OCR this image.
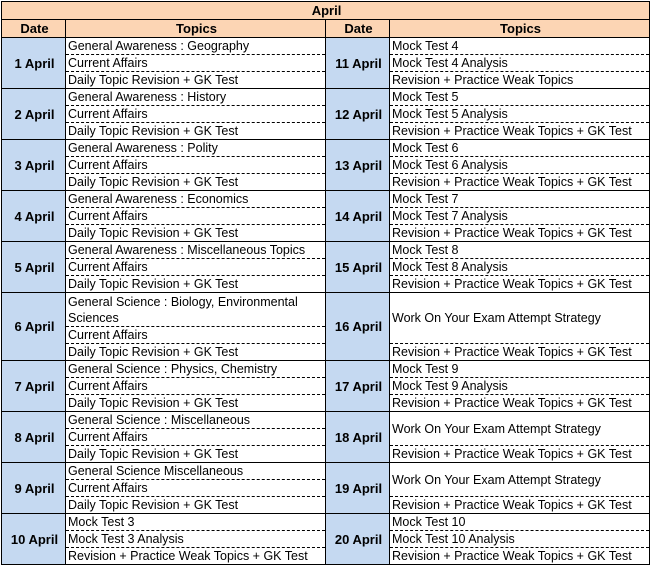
April			
Date	Topics	Date	Topics
1 April	General Awareness : Geography	11 April	Mock Test 4
	Current Affairs		Mock Test 4 Analysis
	Daily Topic Revision + GK Test		Revision + Practice Weak Topics
2 April	General Awareness : History	12 April	Mock Test 5
	Current Affairs		Mock Test 5 Analysis
	Daily Topic Revision + GK Test		Revision + Practice Weak Topics + GK Test
3 April	General Awareness : Polity	13 April	Mock Test 6
	Current Affairs		Mock Test 6 Analysis
	Daily Topic Revision + GK Test		Revision + Practice Weak Topics + GK Test
4 April	General Awareness : Economics	14 April	Mock Test 7
	Current Affairs		Mock Test 7 Analysis
	Daily Topic Revision + GK Test		Revision + Practice Weak Topics + GK Test
5 April	General Awareness : Miscellaneous Topics	15 April	Mock Test 8
	Current Affairs		Mock Test 8 Analysis
	Daily Topic Revision + GK Test		Revision + Practice Weak Topics + GK Test
6 April	General Science : Biology, Environmental Sciences	16 April	Work On Your Exam Attempt Strategy
	Current Affairs		
	Daily Topic Revision + GK Test		Revision + Practice Weak Topics + GK Test
7 April	General Science : Physics, Chemistry	17 April	Mock Test 9
	Current Affairs		Mock Test 9 Analysis
	Daily Topic Revision + GK Test		Revision + Practice Weak Topics + GK Test
8 April	General Science : Miscellaneous	18 April	Work On Your Exam Attempt Strategy
	Current Affairs		
	Daily Topic Revision + GK Test		Revision + Practice Weak Topics + GK Test
9 April	General Science Miscellaneous	19 April	Work On Your Exam Attempt Strategy
	Current Affairs		
	Daily Topic Revision + GK Test		Revision + Practice Weak Topics + GK Test
10 April	Mock Test 3	20 April	Mock Test 10
	Mock Test 3 Analysis		Mock Test 10 Analysis
	Revision + Practice Weak Topics + GK Test		Revision + Practice Weak Topics + GK Test
